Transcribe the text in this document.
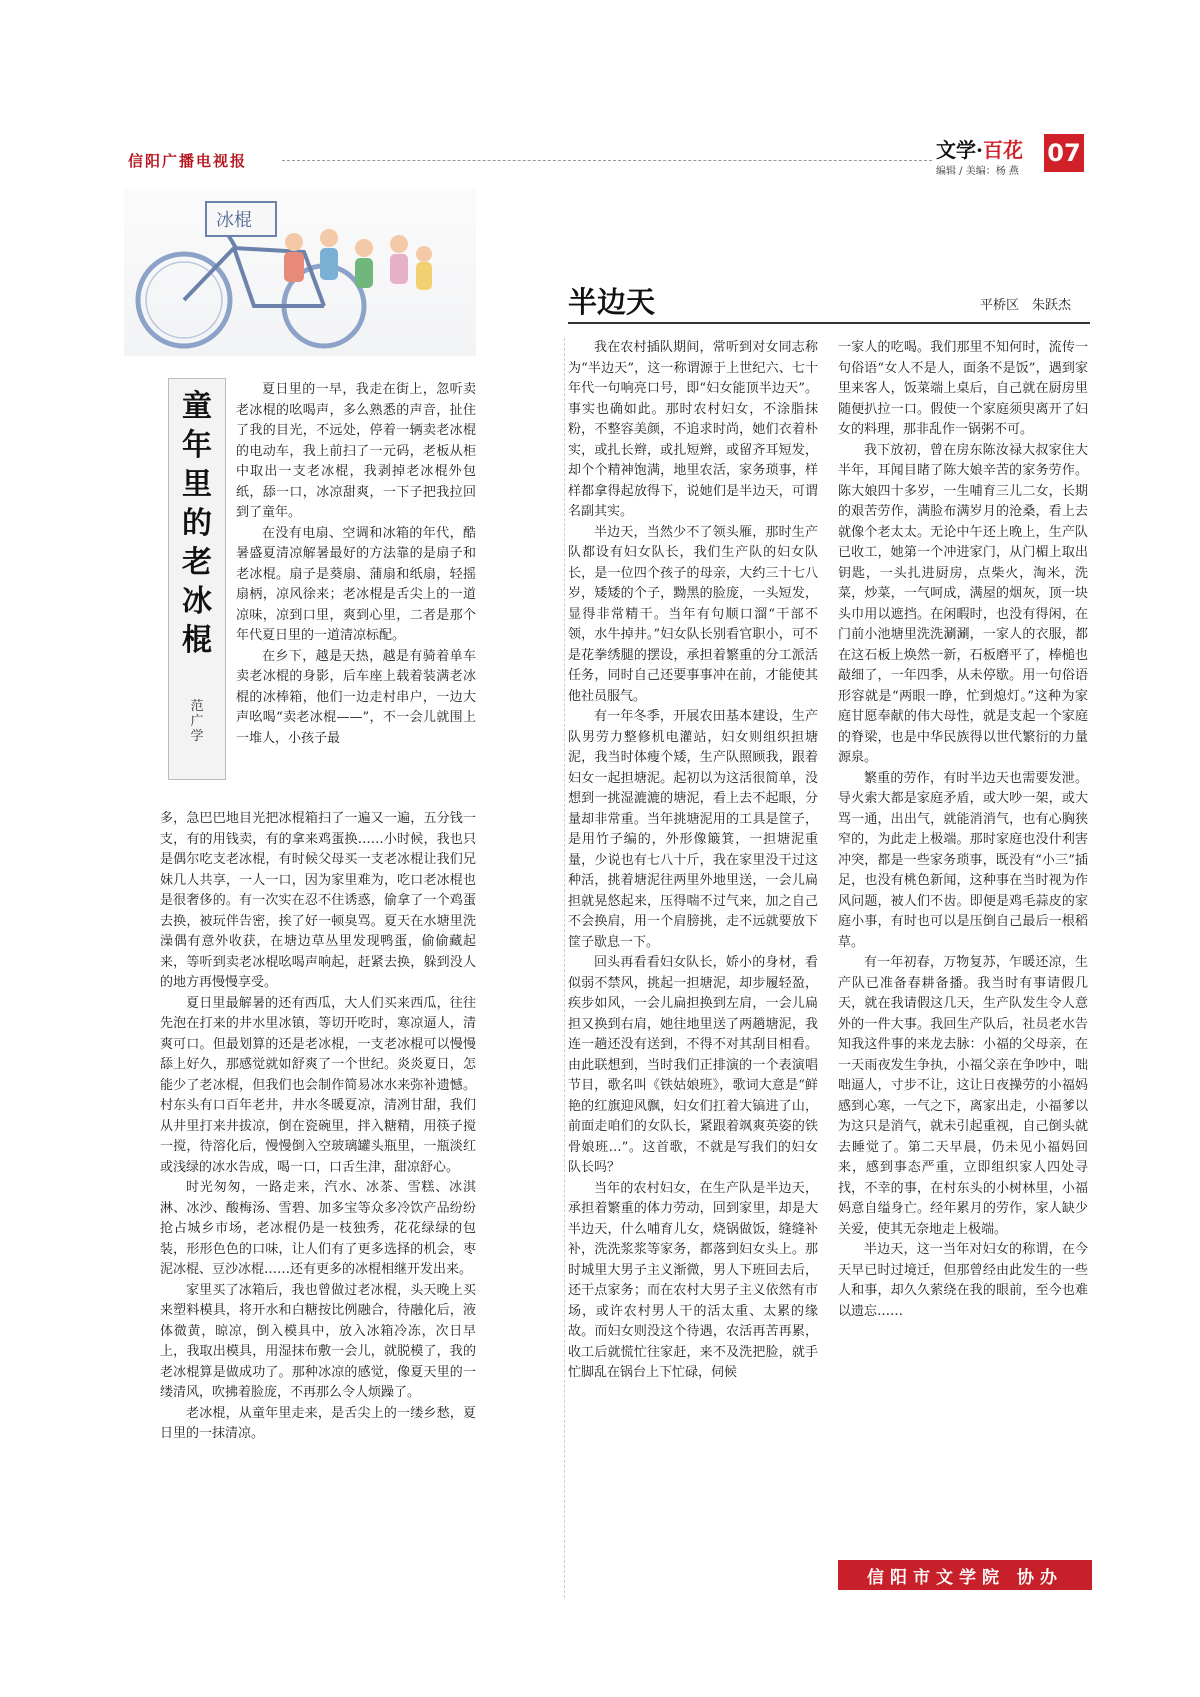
信阳广播电视报	文学·百花
编辑 / 美编：杨 燕
07
冰棍
童
年
里
的
老
冰
棍
范
广
学

夏日里的一早，我走在街上，忽听卖老冰棍的吆喝声，多么熟悉的声音，扯住了我的目光，不远处，停着一辆卖老冰棍的电动车，我上前扫了一元码，老板从柜中取出一支老冰棍，我剥掉老冰棍外包纸，舔一口，冰凉甜爽，一下子把我拉回到了童年。

在没有电扇、空调和冰箱的年代，酷暑盛夏清凉解暑最好的方法靠的是扇子和老冰棍。扇子是葵扇、蒲扇和纸扇，轻摇扇柄，凉风徐来；老冰棍是舌尖上的一道凉味，凉到口里，爽到心里，二者是那个年代夏日里的一道清凉标配。

在乡下，越是天热，越是有骑着单车卖老冰棍的身影，后车座上载着装满老冰棍的冰棒箱，他们一边走村串户，一边大声吆喝“卖老冰棍——”，不一会儿就围上一堆人，小孩子最

多，急巴巴地目光把冰棍箱扫了一遍又一遍，五分钱一支，有的用钱卖，有的拿来鸡蛋换……小时候，我也只是偶尔吃支老冰棍，有时候父母买一支老冰棍让我们兄妹几人共享，一人一口，因为家里难为，吃口老冰棍也是很奢侈的。有一次实在忍不住诱惑，偷拿了一个鸡蛋去换，被玩伴告密，挨了好一顿臭骂。夏天在水塘里洗澡偶有意外收获，在塘边草丛里发现鸭蛋，偷偷藏起来，等听到卖老冰棍吆喝声响起，赶紧去换，躲到没人的地方再慢慢享受。

夏日里最解暑的还有西瓜，大人们买来西瓜，往往先泡在打来的井水里冰镇，等切开吃时，寒凉逼人，清爽可口。但最划算的还是老冰棍，一支老冰棍可以慢慢舔上好久，那感觉就如舒爽了一个世纪。炎炎夏日，怎能少了老冰棍，但我们也会制作简易冰水来弥补遗憾。村东头有口百年老井，井水冬暖夏凉，清冽甘甜，我们从井里打来井拔凉，倒在瓷碗里，拌入糖精，用筷子搅一搅，待溶化后，慢慢倒入空玻璃罐头瓶里，一瓶淡红或浅绿的冰水告成，喝一口，口舌生津，甜凉舒心。

时光匆匆，一路走来，汽水、冰茶、雪糕、冰淇淋、冰沙、酸梅汤、雪碧、加多宝等众多冷饮产品纷纷抢占城乡市场，老冰棍仍是一枝独秀，花花绿绿的包装，形形色色的口味，让人们有了更多选择的机会，枣泥冰棍、豆沙冰棍……还有更多的冰棍相继开发出来。

家里买了冰箱后，我也曾做过老冰棍，头天晚上买来塑料模具，将开水和白糖按比例融合，待融化后，液体微黄，晾凉，倒入模具中，放入冰箱冷冻，次日早上，我取出模具，用湿抹布敷一会儿，就脱模了，我的老冰棍算是做成功了。那种冰凉的感觉，像夏天里的一缕清风，吹拂着脸庞，不再那么令人烦躁了。

老冰棍，从童年里走来，是舌尖上的一缕乡愁，夏日里的一抹清凉。

半边天	平桥区　朱跃杰

我在农村插队期间，常听到对女同志称为“半边天”，这一称谓源于上世纪六、七十年代一句响亮口号，即“妇女能顶半边天”。事实也确如此。那时农村妇女，不涂脂抹粉，不整容美颜，不追求时尚，她们衣着朴实，或扎长辫，或扎短辫，或留齐耳短发，却个个精神饱满，地里农活，家务琐事，样样都拿得起放得下，说她们是半边天，可谓名副其实。

半边天，当然少不了领头雁，那时生产队都设有妇女队长，我们生产队的妇女队长，是一位四个孩子的母亲，大约三十七八岁，矮矮的个子，黝黑的脸庞，一头短发，显得非常精干。当年有句顺口溜“干部不领，水牛掉井。”妇女队长别看官职小，可不是花拳绣腿的摆设，承担着繁重的分工派活任务，同时自己还要事事冲在前，才能使其他社员服气。

有一年冬季，开展农田基本建设，生产队男劳力整修机电灌站，妇女则组织担塘泥，我当时体瘦个矮，生产队照顾我，跟着妇女一起担塘泥。起初以为这活很简单，没想到一挑湿漉漉的塘泥，看上去不起眼，分量却非常重。当年挑塘泥用的工具是筐子，是用竹子编的，外形像簸箕，一担塘泥重量，少说也有七八十斤，我在家里没干过这种活，挑着塘泥往两里外地里送，一会儿扁担就晃悠起来，压得喘不过气来，加之自己不会换肩，用一个肩膀挑，走不远就要放下筐子歇息一下。

回头再看看妇女队长，娇小的身材，看似弱不禁风，挑起一担塘泥，却步履轻盈，疾步如风，一会儿扁担换到左肩，一会儿扁担又换到右肩，她往地里送了两趟塘泥，我连一趟还没有送到，不得不对其刮目相看。由此联想到，当时我们正排演的一个表演唱节目，歌名叫《铁姑娘班》，歌词大意是“鲜艳的红旗迎风飘，妇女们扛着大镐进了山，前面走咱们的女队长，紧跟着飒爽英姿的铁骨娘班…”。这首歌，不就是写我们的妇女队长吗？

当年的农村妇女，在生产队是半边天，承担着繁重的体力劳动，回到家里，却是大半边天，什么哺育儿女，烧锅做饭，缝缝补补，洗洗浆浆等家务，都落到妇女头上。那时城里大男子主义渐微，男人下班回去后，还干点家务；而在农村大男子主义依然有市场，或许农村男人干的活太重、太累的缘故。而妇女则没这个待遇，农活再苦再累，收工后就慌忙往家赶，来不及洗把脸，就手忙脚乱在锅台上下忙碌，伺候

一家人的吃喝。我们那里不知何时，流传一句俗语“女人不是人，面条不是饭”，遇到家里来客人，饭菜端上桌后，自己就在厨房里随便扒拉一口。假使一个家庭须臾离开了妇女的料理，那非乱作一锅粥不可。

我下放初，曾在房东陈汝禄大叔家住大半年，耳闻目睹了陈大娘辛苦的家务劳作。陈大娘四十多岁，一生哺育三儿二女，长期的艰苦劳作，满脸布满岁月的沧桑，看上去就像个老太太。无论中午还上晚上，生产队已收工，她第一个冲进家门，从门楣上取出钥匙，一头扎进厨房，点柴火，淘米，洗菜，炒菜，一气呵成，满屋的烟灰，顶一块头巾用以遮挡。在闲暇时，也没有得闲，在门前小池塘里洗洗涮涮，一家人的衣服，都在这石板上焕然一新，石板磨平了，棒槌也敲细了，一年四季，从未停歇。用一句俗语形容就是“两眼一睁，忙到熄灯。”这种为家庭甘愿奉献的伟大母性，就是支起一个家庭的脊梁，也是中华民族得以世代繁衍的力量源泉。

繁重的劳作，有时半边天也需要发泄。导火索大都是家庭矛盾，或大吵一架，或大骂一通，出出气，就能消消气，也有心胸狭窄的，为此走上极端。那时家庭也没什利害冲突，都是一些家务琐事，既没有“小三”插足，也没有桃色新闻，这种事在当时视为作风问题，被人们不齿。即便是鸡毛蒜皮的家庭小事，有时也可以是压倒自己最后一根稻草。

有一年初春，万物复苏，乍暖还凉，生产队已准备春耕备播。我当时有事请假几天，就在我请假这几天，生产队发生令人意外的一件大事。我回生产队后，社员老水告知我这件事的来龙去脉：小福的父母亲，在一天雨夜发生争执，小福父亲在争吵中，咄咄逼人，寸步不让，这让日夜操劳的小福妈感到心寒，一气之下，离家出走，小福爹以为这只是消气，就未引起重视，自己倒头就去睡觉了。第二天早晨，仍未见小福妈回来，感到事态严重，立即组织家人四处寻找，不幸的事，在村东头的小树林里，小福妈意自缢身亡。经年累月的劳作，家人缺少关爱，使其无奈地走上极端。

半边天，这一当年对妇女的称谓，在今天早已时过境迁，但那曾经由此发生的一些人和事，却久久萦绕在我的眼前，至今也难以遗忘……

信阳市文学院 协办
